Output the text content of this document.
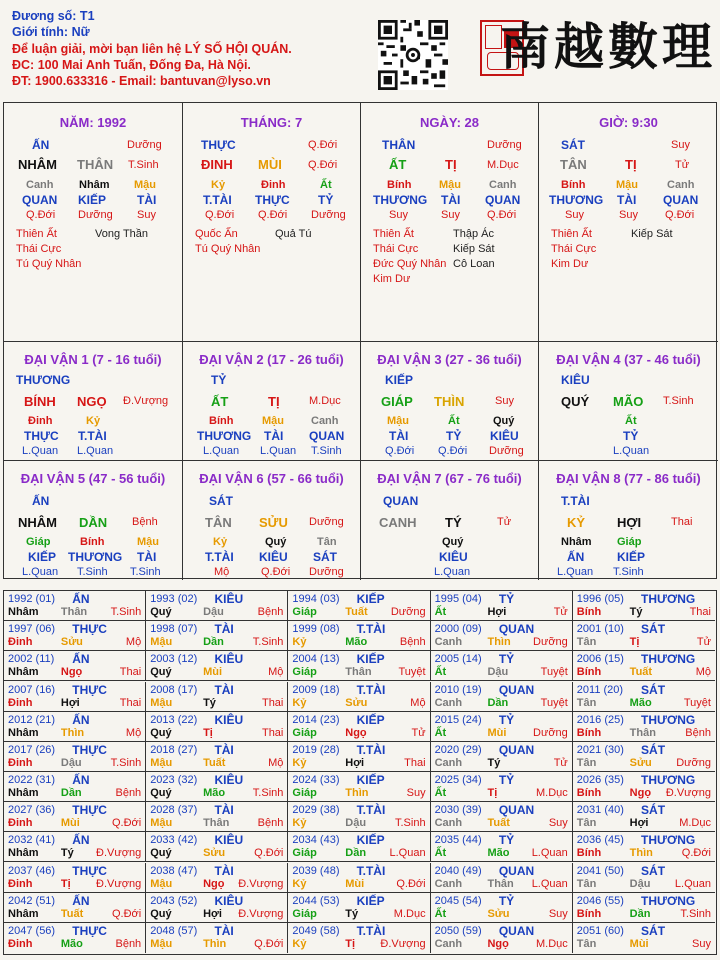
Đương số: T1
Giới tính: Nữ
Để luận giải, mời bạn liên hệ LÝ SỐ HỘI QUÁN.
ĐC: 100 Mai Anh Tuấn, Đống Đa, Hà Nội.
ĐT: 1900.633316 - Email: bantuvan@lyso.vn
南越數理
NĂM: 1992
ẤN	Dưỡng
NHÂM THÂN T.Sinh
Canh Nhâm Mậu
QUAN KIẾP	TÀI
Q.Đới Dưỡng Suy
Thiên Ất
Thái Cực
Tú Quý Nhân
Vong Thần
THÁNG: 7
THỰC	Q.Đới
ĐINH MÙI Q.Đới
Kỷ	Đinh	Ất
T.TÀI THỰC TỶ
Q.Đới Q.Đới Dưỡng
Quốc Ấn
Tú Quý Nhân
Quả Tú
NGÀY: 28
THÂN	Dưỡng
ẤT	TỊ	M.Dục
Bính	Mậu	Canh
THƯƠNG TÀI QUAN
Suy	Suy Q.Đới
Thiên Ất
Thái Cực
Đức Quý Nhân
Kim Dư
Thập Ác
Kiếp Sát
Cô Loan
GIỜ: 9:30
SÁT	Suy
TÂN	TỊ	Tử
Bính	Mậu	Canh
THƯƠNG TÀI QUAN
Suy	Suy Q.Đới
Thiên Ất
Thái Cực
Kim Dư
Kiếp Sát
ĐẠI VẬN 1 (7 - 16 tuổi)
THƯƠNG
BÍNH NGỌ Đ.Vượng
Đinh	Kỷ
THỰC T.TÀI
L.Quan L.Quan
ĐẠI VẬN 2 (17 - 26 tuổi)
TỶ
ẤT	TỊ	M.Dục
Bính	Mậu Canh
THƯƠNG TÀI QUAN
L.Quan L.Quan T.Sinh
ĐẠI VẬN 3 (27 - 36 tuổi)
KIẾP
GIÁP THÌN	Suy
Mậu	Ất	Quý
TÀI	TỶ KIÊU
Q.Đới Q.Đới Dưỡng
ĐẠI VẬN 4 (37 - 46 tuổi)
KIÊU
QUÝ MÃO T.Sinh
Ất
TỶ
L.Quan
ĐẠI VẬN 5 (47 - 56 tuổi)
ẤN
NHÂM DẦN Bệnh
Giáp	Bính	Mậu
KIẾP THƯƠNG TÀI
L.Quan T.Sinh T.Sinh
ĐẠI VẬN 6 (57 - 66 tuổi)
SÁT
TÂN SỬU Dưỡng
Kỷ	Quý	Tân
T.TÀI KIÊU SÁT
Mộ	Q.Đới Dưỡng
ĐẠI VẬN 7 (67 - 76 tuổi)
QUAN
CANH TÝ	Tử
Quý
KIÊU
L.Quan
ĐẠI VẬN 8 (77 - 86 tuổi)
T.TÀI
KỶ HỢI	Thai
Nhâm Giáp
ẤN	KIẾP
L.Quan T.Sinh
1992 (01) ẤN
Nhâm Thân T.Sinh
1993 (02) KIÊU
Quý	Dậu	Bệnh
1994 (03) KIẾP
Giáp	Tuất Dưỡng
1995 (04) TỶ
Ất	Hợi	Tử
1996 (05) THƯƠNG
Bính	Tý	Thai
1997 (06) THỰC
Đinh	Sửu	Mộ
1998 (07) TÀI
Mậu	Dần	T.Sinh
1999 (08) T.TÀI
Kỷ	Mão	Bệnh
2000 (09) QUAN
Canh Thìn Dưỡng
2001 (10) SÁT
Tân	Tị	Tử
2002 (11) ẤN
Nhâm Ngọ	Thai
2003 (12) KIÊU
Quý	Mùi	Mộ
2004 (13) KIẾP
Giáp	Thân Tuyệt
2005 (14) TỶ
Ất	Dậu	Tuyệt
2006 (15) THƯƠNG
Bính	Tuất	Mộ
2007 (16) THỰC
Đinh	Hợi	Thai
2008 (17) TÀI
Mậu	Tý	Thai
2009 (18) T.TÀI
Kỷ	Sửu	Mộ
2010 (19) QUAN
Canh Dần	Tuyệt
2011 (20) SÁT
Tân	Mão	Tuyệt
2012 (21) ẤN
Nhâm Thìn	Mộ
2013 (22) KIÊU
Quý	Tị	Thai
2014 (23) KIẾP
Giáp	Ngọ	Tử
2015 (24) TỶ
Ất	Mùi Dưỡng
2016 (25) THƯƠNG
Bính	Thân	Bệnh
2017 (26) THỰC
Đinh	Dậu	T.Sinh
2018 (27) TÀI
Mậu	Tuất	Mộ
2019 (28) T.TÀI
Kỷ	Hợi	Thai
2020 (29) QUAN
Canh Tý	Tử
2021 (30) SÁT
Tân	Sửu Dưỡng
2022 (31) ẤN
Nhâm Dần	Bệnh
2023 (32) KIÊU
Quý	Mão	T.Sinh
2024 (33) KIẾP
Giáp	Thìn	Suy
2025 (34) TỶ
Ất	Tị	M.Dục
2026 (35) THƯƠNG
Bính	Ngọ Đ.Vượng
2027 (36) THỰC
Đinh	Mùi	Q.Đới
2028 (37) TÀI
Mậu	Thân	Bệnh
2029 (38) T.TÀI
Kỷ	Dậu	T.Sinh
2030 (39) QUAN
Canh Tuất	Suy
2031 (40) SÁT
Tân	Hợi	M.Dục
2032 (41) ẤN
Nhâm Tý Đ.Vượng
2033 (42) KIÊU
Quý	Sửu	Q.Đới
2034 (43) KIẾP
Giáp	Dần L.Quan
2035 (44) TỶ
Ất	Mão L.Quan
2036 (45) THƯƠNG
Bính	Thìn	Q.Đới
2037 (46) THỰC
Đinh	Tị Đ.Vượng
2038 (47) TÀI
Mậu	Ngọ Đ.Vượng
2039 (48) T.TÀI
Kỷ	Mùi	Q.Đới
2040 (49) QUAN
Canh Thân L.Quan
2041 (50) SÁT
Tân	Dậu L.Quan
2042 (51) ẤN
Nhâm Tuất	Q.Đới
2043 (52) KIÊU
Quý	Hợi Đ.Vượng
2044 (53) KIẾP
Giáp	Tý	M.Dục
2045 (54) TỶ
Ất	Sửu	Suy
2046 (55) THƯƠNG
Bính	Dần	T.Sinh
2047 (56) THỰC
Đinh	Mão	Bệnh
2048 (57) TÀI
Mậu	Thìn	Q.Đới
2049 (58) T.TÀI
Kỷ	Tị Đ.Vượng
2050 (59) QUAN
Canh Ngọ M.Dục
2051 (60) SÁT
Tân	Mùi	Suy
